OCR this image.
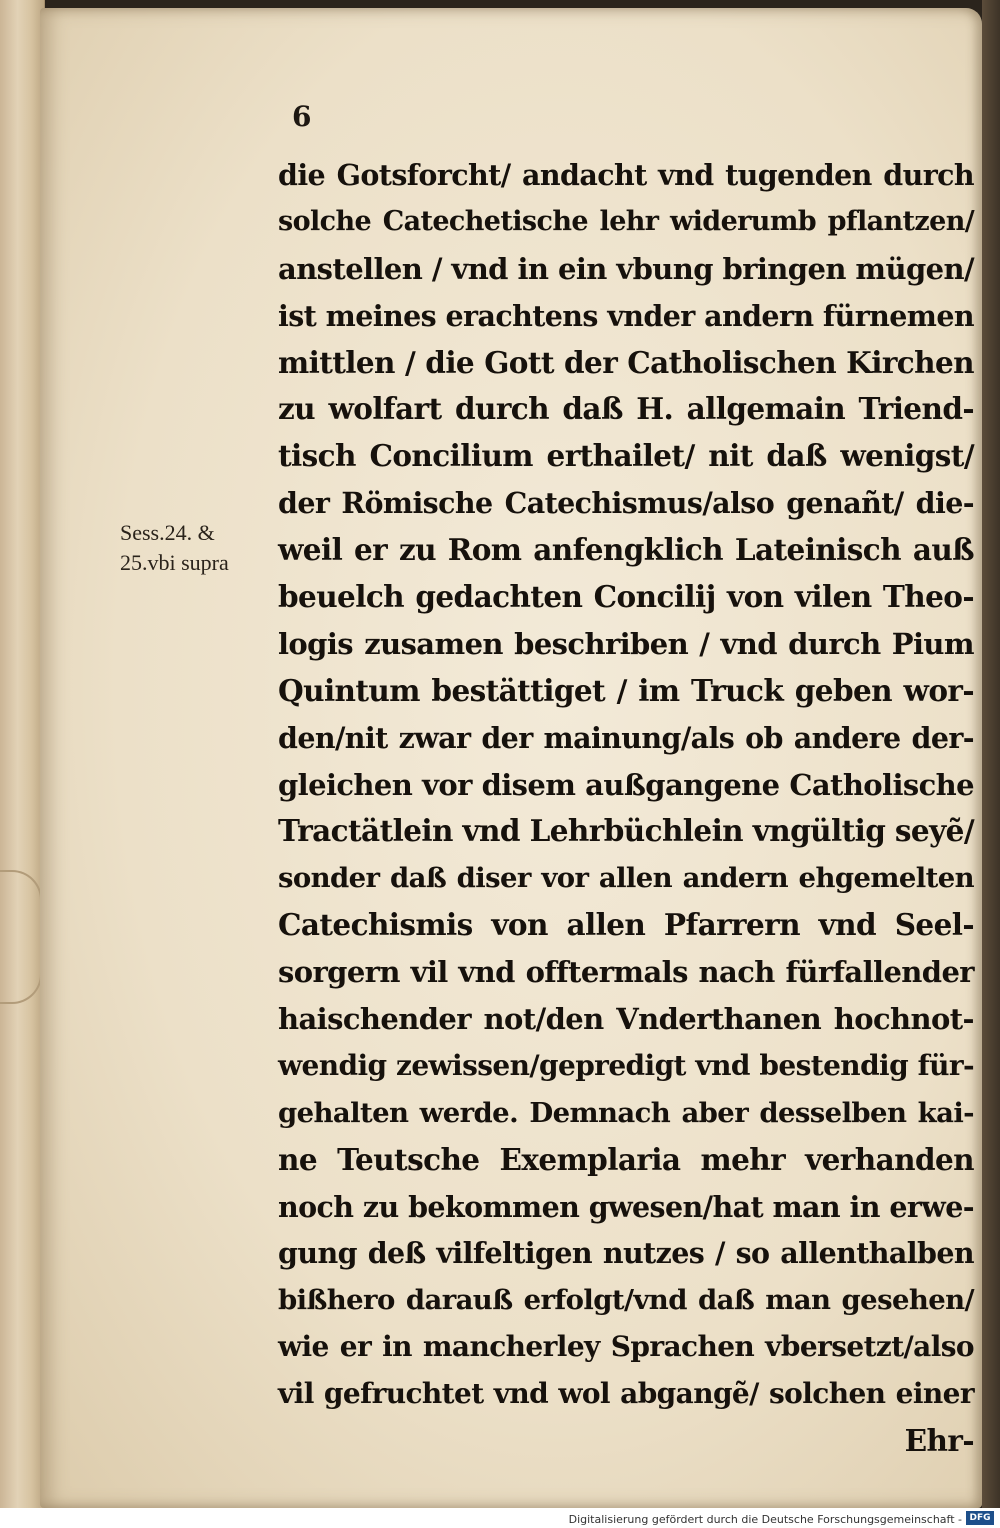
6
Sess.24. &
25.vbi supra
die Gotsforcht/ andacht vnd tugenden durch
solche Catechetische lehr widerumb pflantzen/
anstellen / vnd in ein vbung bringen mügen/
ist meines erachtens vnder andern fürnemen
mittlen / die Gott der Catholischen Kirchen
zu wolfart durch daß H. allgemain Triend-
tisch Concilium erthailet/ nit daß wenigst/
der Römische Catechismus/also genañt/ die-
weil er zu Rom anfengklich Lateinisch auß
beuelch gedachten Concilij von vilen Theo-
logis zusamen beschriben / vnd durch Pium
Quintum bestättiget / im Truck geben wor-
den/nit zwar der mainung/als ob andere der-
gleichen vor disem außgangene Catholische
Tractätlein vnd Lehrbüchlein vngültig seyẽ/
sonder daß diser vor allen andern ehgemelten
Catechismis von allen Pfarrern vnd Seel-
sorgern vil vnd offtermals nach fürfallender
haischender not/den Vnderthanen hochnot-
wendig zewissen/gepredigt vnd bestendig für-
gehalten werde. Demnach aber desselben kai-
ne Teutsche Exemplaria mehr verhanden
noch zu bekommen gwesen/hat man in erwe-
gung deß vilfeltigen nutzes / so allenthalben
bißhero darauß erfolgt/vnd daß man gesehen/
wie er in mancherley Sprachen vbersetzt/also
vil gefruchtet vnd wol abgangẽ/ solchen einer
Ehr-
Digitalisierung gefördert durch die Deutsche Forschungsgemeinschaft - DFG
